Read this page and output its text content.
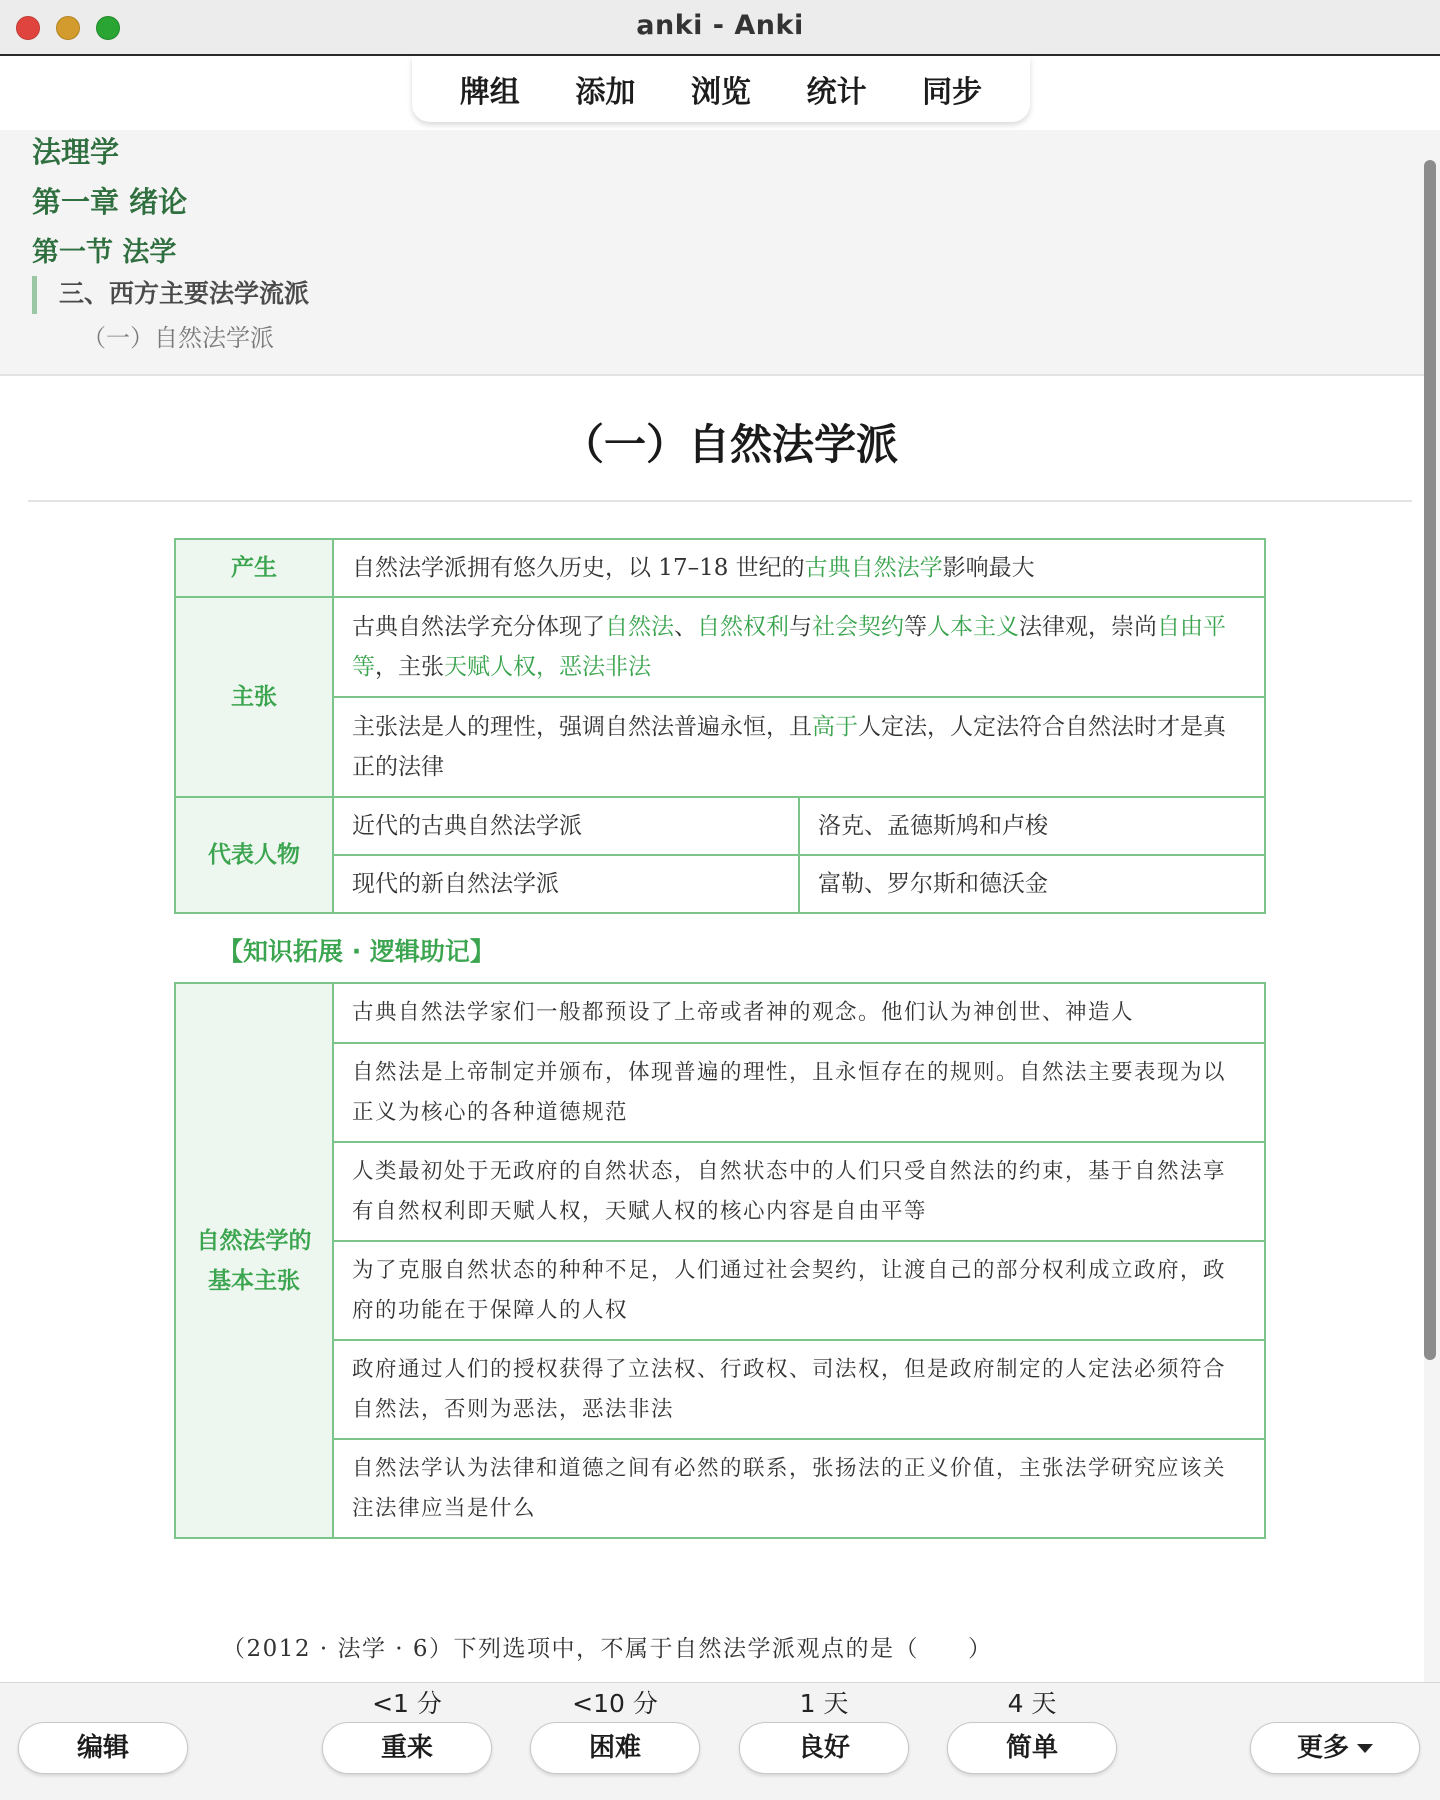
anki - Anki
牌组 添加 浏览 统计 同步
法理学
第一章 绪论
第一节 法学
三、西方主要法学流派
（一）自然法学派
（一）自然法学派
产生	自然法学派拥有悠久历史，以 17–18 世纪的古典自然法学影响最大	
主张	古典自然法学充分体现了自然法、自然权利与社会契约等人本主义法律观，崇尚自由平等，主张天赋人权，恶法非法	
	主张法是人的理性，强调自然法普遍永恒，且高于人定法，人定法符合自然法时才是真正的法律	
代表人物	近代的古典自然法学派	洛克、孟德斯鸠和卢梭
	现代的新自然法学派	富勒、罗尔斯和德沃金
【知识拓展 · 逻辑助记】
自然法学的
基本主张	古典自然法学家们一般都预设了上帝或者神的观念。他们认为神创世、神造人
自然法是上帝制定并颁布，体现普遍的理性，且永恒存在的规则。自然法主要表现为以正义为核心的各种道德规范
人类最初处于无政府的自然状态，自然状态中的人们只受自然法的约束，基于自然法享有自然权利即天赋人权，天赋人权的核心内容是自由平等
为了克服自然状态的种种不足，人们通过社会契约，让渡自己的部分权利成立政府，政府的功能在于保障人的人权
政府通过人们的授权获得了立法权、行政权、司法权，但是政府制定的人定法必须符合自然法，否则为恶法，恶法非法
自然法学认为法律和道德之间有必然的联系，张扬法的正义价值，主张法学研究应该关注法律应当是什么
（2012 · 法学 · 6）下列选项中，不属于自然法学派观点的是（　　）
<1 分	<10 分	1 天	4 天
编辑	重来	困难	良好	简单	更多
